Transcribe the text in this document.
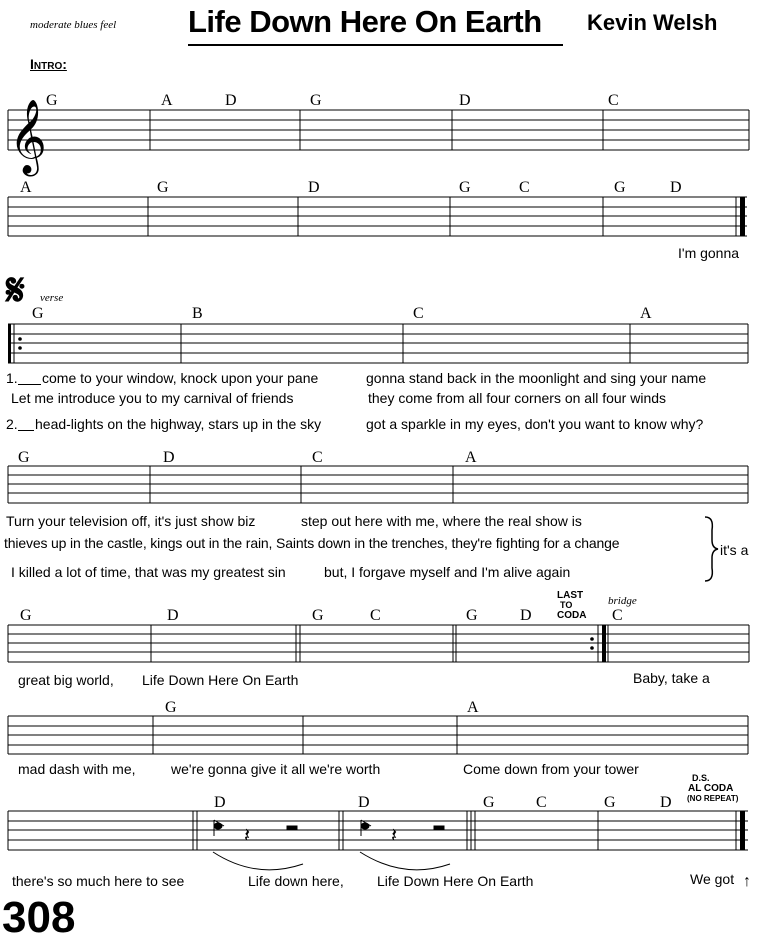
moderate blues feel Life Down Here On Earth Kevin Welsh
Intro:
𝄞
𝄽	𝄽
𝄋
↑
G	A	D	G	D	C
A	G	D	G	C	G	D
I'm gonna
verse
G	B	C	A
1. come to your window, knock upon your pane	gonna stand back in the moonlight and sing your name
Let me introduce you to my carnival of friends	they come from all four corners on all four winds
2. head-lights on the highway, stars up in the sky	got a sparkle in my eyes, don't you want to know why?
G	D	C	A
Turn your television off, it's just show biz	step out here with me, where the real show is
thieves up in the castle, kings out in the rain, Saints down in the trenches, they're fighting for a change
I killed a lot of time, that was my greatest sin	but, I forgave myself and I'm alive again
it's a
G	D	G	C	G	D	C
LAST
TO
CODA
bridge
great big world, Life Down Here On Earth	Baby, take a
G	A
mad dash with me,	we're gonna give it all we're worth	Come down from your tower
D	D	G	C	G	D
D.S.
AL CODA
(NO REPEAT)
there's so much here to see	Life down here, Life Down Here On Earth	We got
308
